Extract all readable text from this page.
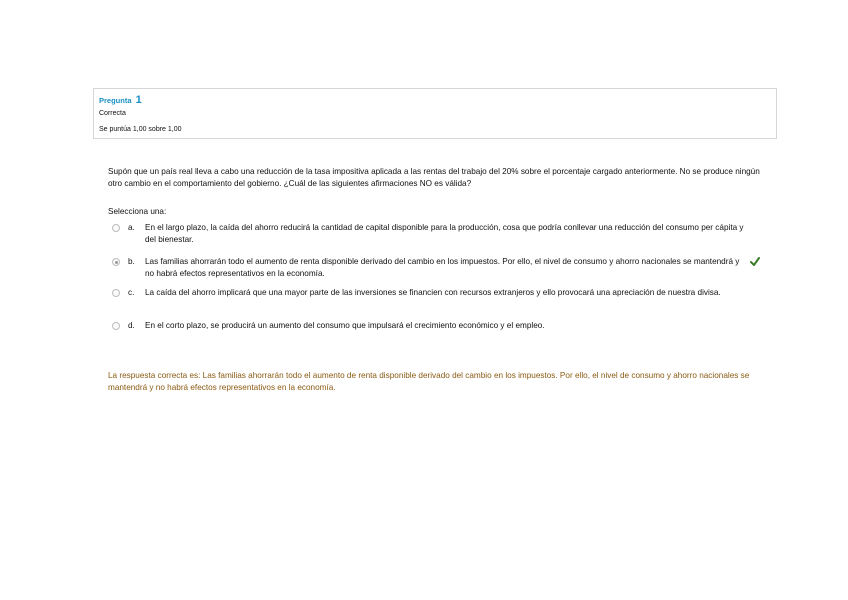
Pregunta 1
Correcta
Se puntúa 1,00 sobre 1,00
Supón que un país real lleva a cabo una reducción de la tasa impositiva aplicada a las rentas del trabajo del 20% sobre el porcentaje cargado anteriormente. No se produce ningún otro cambio en el comportamiento del gobierno. ¿Cuál de las siguientes afirmaciones NO es válida?
Selecciona una:
a. En el largo plazo, la caída del ahorro reducirá la cantidad de capital disponible para la producción, cosa que podría conllevar una reducción del consumo per cápita y del bienestar.
b. Las familias ahorrarán todo el aumento de renta disponible derivado del cambio en los impuestos. Por ello, el nivel de consumo y ahorro nacionales se mantendrá y no habrá efectos representativos en la economía.
c. La caída del ahorro implicará que una mayor parte de las inversiones se financien con recursos extranjeros y ello provocará una apreciación de nuestra divisa.
d. En el corto plazo, se producirá un aumento del consumo que impulsará el crecimiento económico y el empleo.
La respuesta correcta es: Las familias ahorrarán todo el aumento de renta disponible derivado del cambio en los impuestos. Por ello, el nivel de consumo y ahorro nacionales se mantendrá y no habrá efectos representativos en la economía.
